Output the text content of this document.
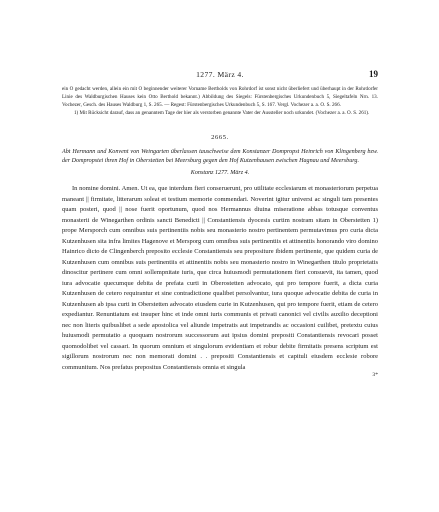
1277. März 4.	19

ein O gedacht werden, allein ein mit O beginnender weiterer Vorname Bertholds von Rohrdorf ist sonst nicht überliefert und überhaupt in der Rohrdorfer Linie des Waldburgischen Hauses kein Otto Berthold bekannt.) Abbildung des Siegels: Fürstenbergisches Urkundenbuch 5, Siegeltafeln Nrn. 13. Vochezer, Gesch. des Hauses Waldburg 1, S. 265. — Regest: Fürstenbergisches Urkundenbuch 5, S. 167. Vergl. Vochezer a. a. O. S. 266.

1) Mit Rücksicht darauf, dass an genanntem Tage der hier als verstorben genannte Vater der Aussteller noch urkundet. (Vochezer a. a. O. S. 261).

2665.
Abt Hermann und Konvent von Weingarten überlassen tauschweise dem Konstanzer Dompropst Heinrich von Klingenberg bzw. der Dompropstei ihren Hof in Oberstetten bei Meersburg gegen den Hof Kutzenhausen zwischen Hagnau und Meersburg.
Konstanz 1277. März 4.

In nomine domini. Amen. Ut ea, que interdum fieri conseruerunt, pro utilitate ecclesiarum et monasteriorum perpetua maneant || firmitate, litterarum soleat et testium memorie commendari. Noverint igitur universi ac singuli tam presentes quam posteri, quod || nose fuerit oportunum, quod nos Hermannus diuina miseratione abbas totusque conventus monasterii de Winegarthen ordinis sancti Benedicti || Constantiensis dyocesis curtim nostram sitam in Oberstetten 1) prope Mersporch cum omnibus suis pertinentiis nobis seu monasterio nostro pertinentem permutavimus pro curia dicta Kutzenhusen sita infra limites Hagenove et Mersporg cum omnibus suis pertinentiis et attinentiis honorando viro domino Hainrico dicto de Clingenberch preposito ecclesie Constantiensis seu prepositure ibidem pertinente, que quidem curia de Kutzenhusen cum omnibus suis pertinentiis et attinentiis nobis seu monasterio nostro in Winegarthen titulo proprietatis dinoscitur pertinere cum omni sollempnitate iuris, que circa huiusmodi permutationem fieri consuevit, ita tamen, quod iura advocatie quecumque debita de prefata curti in Oberostetten advocato, qui pro tempore fuerit, a dicta curia Kutzenhusen de cetero requirantur et sine contradictione qualibet persolvantur, iura quoque advocatie debita de curia in Kutzenhusen ab ipsa curti in Oberstetten advocato eiusdem curie in Kutzenhusen, qui pro tempore fuerit, etiam de cetero expediantur. Renuntiatum est insuper hinc et inde omni iuris communis et privati canonici vel civilis auxilio deceptioni nec non literis quibuslibet a sede apostolica vel aliunde impetratis aut impetrandis ac occasioni cuilibet, pretextu cuius huiusmodi permutatio a quoquam nostrorum successorum aut ipsius domini prepositi Constantiensis revocari posset quomodolibet vel cassari. In quorum omnium et singulorum evidentiam et robur debite firmitatis presens scriptum est sigillorum nostrorum nec non memorati domini . . prepositi Constantiensis et capituli eiusdem ecclesie robore communitum. Nos prefatus prepositus Constantiensis omnia et singula

3*
